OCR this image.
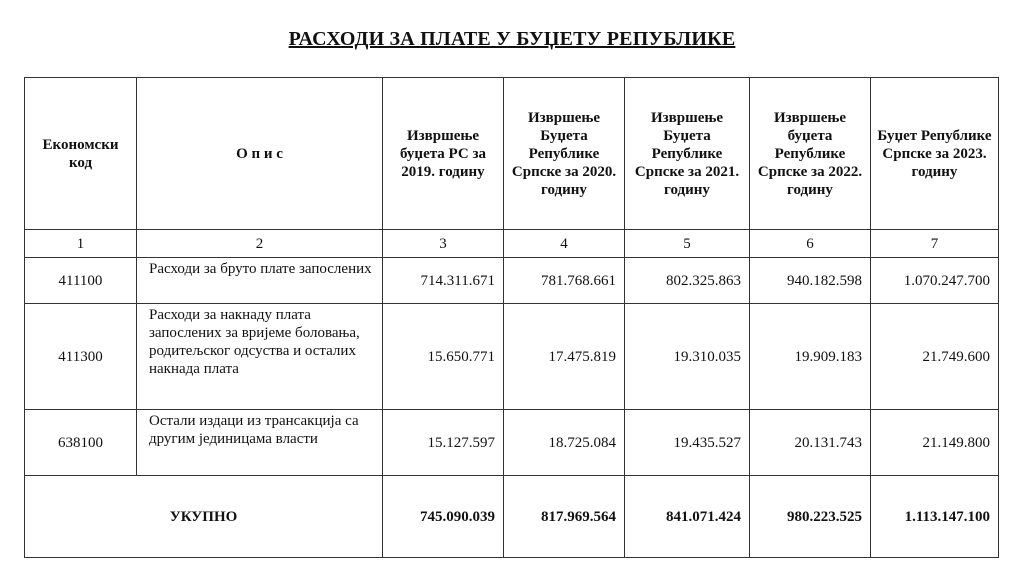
РАСХОДИ ЗА ПЛАТЕ У БУЏЕТУ РЕПУБЛИКЕ
Економски код	О п и с	Извршење буџета РС за 2019. годину	Извршење Буџета Републике Српске за 2020. годину	Извршење Буџета Републике Српске за 2021. годину	Извршење буџета Републике Српске за 2022. годину	Буџет Републике Српске за 2023. годину
1	2	3	4	5	6	7
411100	Расходи за бруто плате запослених	714.311.671	781.768.661	802.325.863	940.182.598	1.070.247.700
411300	Расходи за накнаду плата запослених за вријеме боловања, родитељског одсуства и осталих накнада плата	15.650.771	17.475.819	19.310.035	19.909.183	21.749.600
638100	Остали издаци из трансакција са другим јединицама власти	15.127.597	18.725.084	19.435.527	20.131.743	21.149.800
УКУПНО		745.090.039	817.969.564	841.071.424	980.223.525	1.113.147.100
